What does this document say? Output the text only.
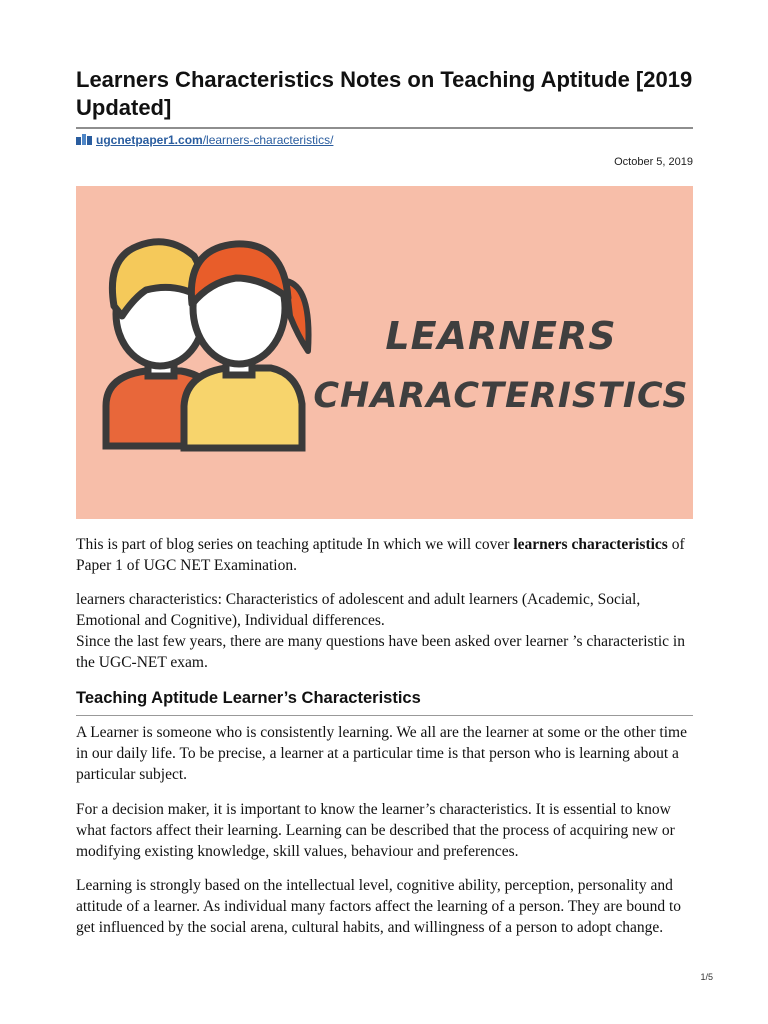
Learners Characteristics Notes on Teaching Aptitude [2019 Updated]
ugcnetpaper1.com /learners-characteristics/
October 5, 2019
LEARNERS
CHARACTERISTICS

This is part of blog series on teaching aptitude In which we will cover learners characteristics of Paper 1 of UGC NET Examination.

learners characteristics: Characteristics of adolescent and adult learners (Academic, Social, Emotional and Cognitive), Individual differences.
Since the last few years, there are many questions have been asked over learner ’s characteristic in the UGC-NET exam.

Teaching Aptitude Learner’s Characteristics

A Learner is someone who is consistently learning. We all are the learner at some or the other time in our daily life. To be precise, a learner at a particular time is that person who is learning about a particular subject.

For a decision maker, it is important to know the learner’s characteristics. It is essential to know what factors affect their learning. Learning can be described that the process of acquiring new or modifying existing knowledge, skill values, behaviour and preferences.

Learning is strongly based on the intellectual level, cognitive ability, perception, personality and attitude of a learner. As individual many factors affect the learning of a person. They are bound to get influenced by the social arena, cultural habits, and willingness of a person to adopt change.

1/5
